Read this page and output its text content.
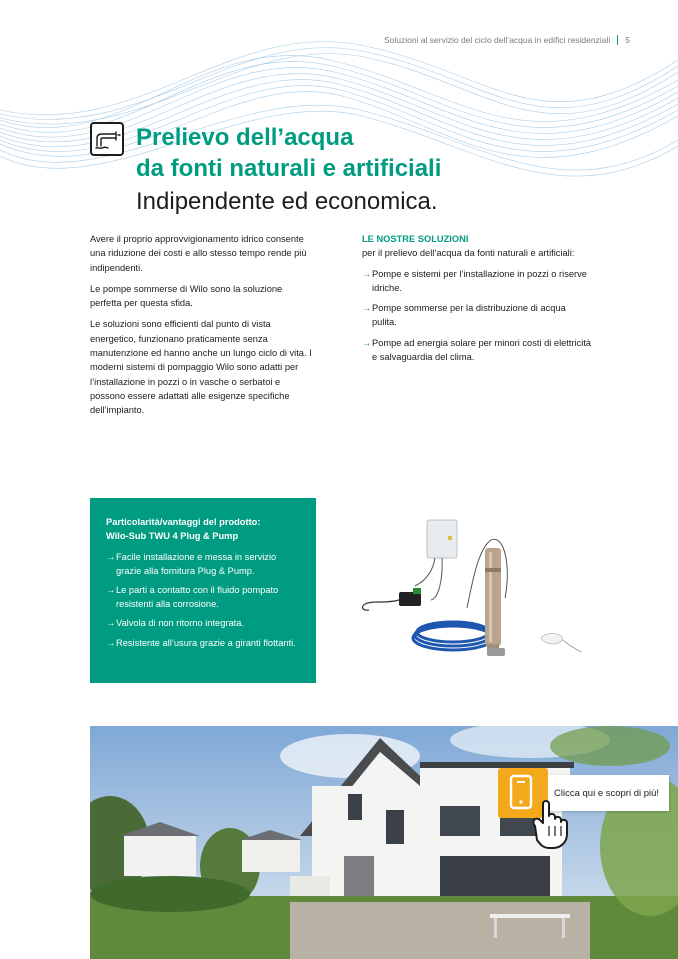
Soluzioni al servizio del ciclo dell’acqua in edifici residenziali 5
Prelievo dell’acqua
da fonti naturali e artificiali
Indipendente ed economica.

Avere il proprio approvvigionamento idrico consente una riduzione dei costi e allo stesso tempo rende più indipendenti.

Le pompe sommerse di Wilo sono la soluzione perfetta per questa sfida.

Le soluzioni sono efficienti dal punto di vista energetico, funzionano praticamente senza manutenzione ed hanno anche un lungo ciclo di vita. I moderni sistemi di pompaggio Wilo sono adatti per l’installazione in pozzi o in vasche o serbatoi e possono essere adattati alle esigenze specifiche dell’impianto.

LE NOSTRE SOLUZIONI
per il prelievo dell’acqua da fonti naturali e artificiali:
→ Pompe e sistemi per l’installazione in pozzi o riserve idriche.
→ Pompe sommerse per la distribuzione di acqua pulita.
→ Pompe ad energia solare per minori costi di elettricità e salvaguardia del clima.
Particolarità/vantaggi del prodotto:
Wilo-Sub TWU 4 Plug & Pump
→ Facile installazione e messa in servizio grazie alla fornitura Plug & Pump.
→ Le parti a contatto con il fluido pompato resistenti alla corrosione.
→ Valvola di non ritorno integrata.
→ Resistente all’usura grazie a giranti flottanti.
Clicca qui e scopri di più!
